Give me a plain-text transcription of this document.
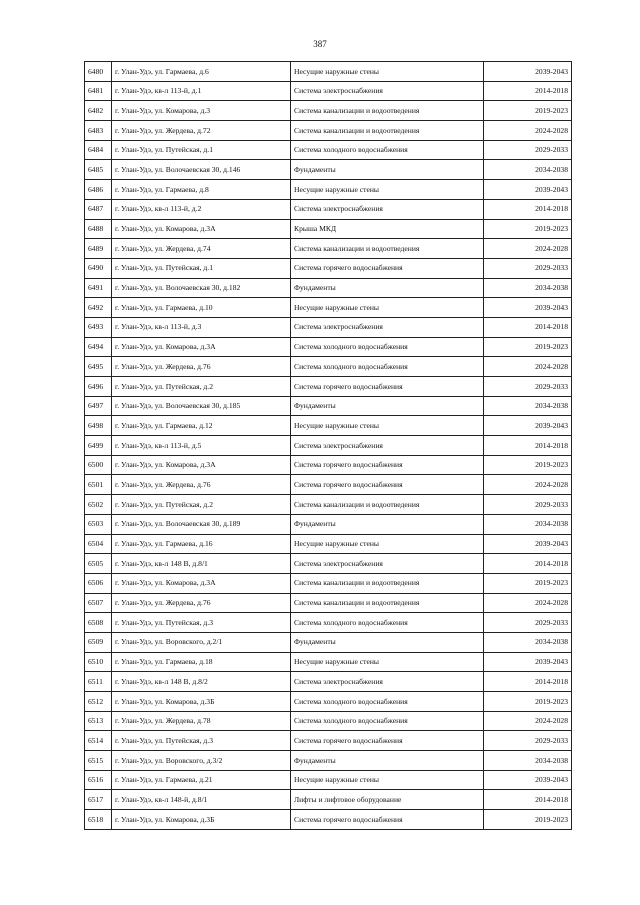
387
6480	г. Улан-Удэ, ул. Гармаева, д.6	Несущие наружные стены	2039-2043
6481	г. Улан-Удэ, кв-л 113-й, д.1	Система электроснабжения	2014-2018
6482	г. Улан-Удэ, ул. Комарова, д.3	Система канализации и водоотведения	2019-2023
6483	г. Улан-Удэ, ул. Жердева, д.72	Система канализации и водоотведения	2024-2028
6484	г. Улан-Удэ, ул. Путейская, д.1	Система холодного водоснабжения	2029-2033
6485	г. Улан-Удэ, ул. Волочаевская 30, д.146	Фундаменты	2034-2038
6486	г. Улан-Удэ, ул. Гармаева, д.8	Несущие наружные стены	2039-2043
6487	г. Улан-Удэ, кв-л 113-й, д.2	Система электроснабжения	2014-2018
6488	г. Улан-Удэ, ул. Комарова, д.3А	Крыша МКД	2019-2023
6489	г. Улан-Удэ, ул. Жердева, д.74	Система канализации и водоотведения	2024-2028
6490	г. Улан-Удэ, ул. Путейская, д.1	Система горячего водоснабжения	2029-2033
6491	г. Улан-Удэ, ул. Волочаевская 30, д.182	Фундаменты	2034-2038
6492	г. Улан-Удэ, ул. Гармаева, д.10	Несущие наружные стены	2039-2043
6493	г. Улан-Удэ, кв-л 113-й, д.3	Система электроснабжения	2014-2018
6494	г. Улан-Удэ, ул. Комарова, д.3А	Система холодного водоснабжения	2019-2023
6495	г. Улан-Удэ, ул. Жердева, д.76	Система холодного водоснабжения	2024-2028
6496	г. Улан-Удэ, ул. Путейская, д.2	Система горячего водоснабжения	2029-2033
6497	г. Улан-Удэ, ул. Волочаевская 30, д.185	Фундаменты	2034-2038
6498	г. Улан-Удэ, ул. Гармаева, д.12	Несущие наружные стены	2039-2043
6499	г. Улан-Удэ, кв-л 113-й, д.5	Система электроснабжения	2014-2018
6500	г. Улан-Удэ, ул. Комарова, д.3А	Система горячего водоснабжения	2019-2023
6501	г. Улан-Удэ, ул. Жердева, д.76	Система горячего водоснабжения	2024-2028
6502	г. Улан-Удэ, ул. Путейская, д.2	Система канализации и водоотведения	2029-2033
6503	г. Улан-Удэ, ул. Волочаевская 30, д.189	Фундаменты	2034-2038
6504	г. Улан-Удэ, ул. Гармаева, д.16	Несущие наружные стены	2039-2043
6505	г. Улан-Удэ, кв-л 148 В, д.8/1	Система электроснабжения	2014-2018
6506	г. Улан-Удэ, ул. Комарова, д.3А	Система канализации и водоотведения	2019-2023
6507	г. Улан-Удэ, ул. Жердева, д.76	Система канализации и водоотведения	2024-2028
6508	г. Улан-Удэ, ул. Путейская, д.3	Система холодного водоснабжения	2029-2033
6509	г. Улан-Удэ, ул. Воровского, д.2/1	Фундаменты	2034-2038
6510	г. Улан-Удэ, ул. Гармаева, д.18	Несущие наружные стены	2039-2043
6511	г. Улан-Удэ, кв-л 148 В, д.8/2	Система электроснабжения	2014-2018
6512	г. Улан-Удэ, ул. Комарова, д.3Б	Система холодного водоснабжения	2019-2023
6513	г. Улан-Удэ, ул. Жердева, д.78	Система холодного водоснабжения	2024-2028
6514	г. Улан-Удэ, ул. Путейская, д.3	Система горячего водоснабжения	2029-2033
6515	г. Улан-Удэ, ул. Воровского, д.3/2	Фундаменты	2034-2038
6516	г. Улан-Удэ, ул. Гармаева, д.21	Несущие наружные стены	2039-2043
6517	г. Улан-Удэ, кв-л 148-й, д.8/1	Лифты и лифтовое оборудование	2014-2018
6518	г. Улан-Удэ, ул. Комарова, д.3Б	Система горячего водоснабжения	2019-2023
